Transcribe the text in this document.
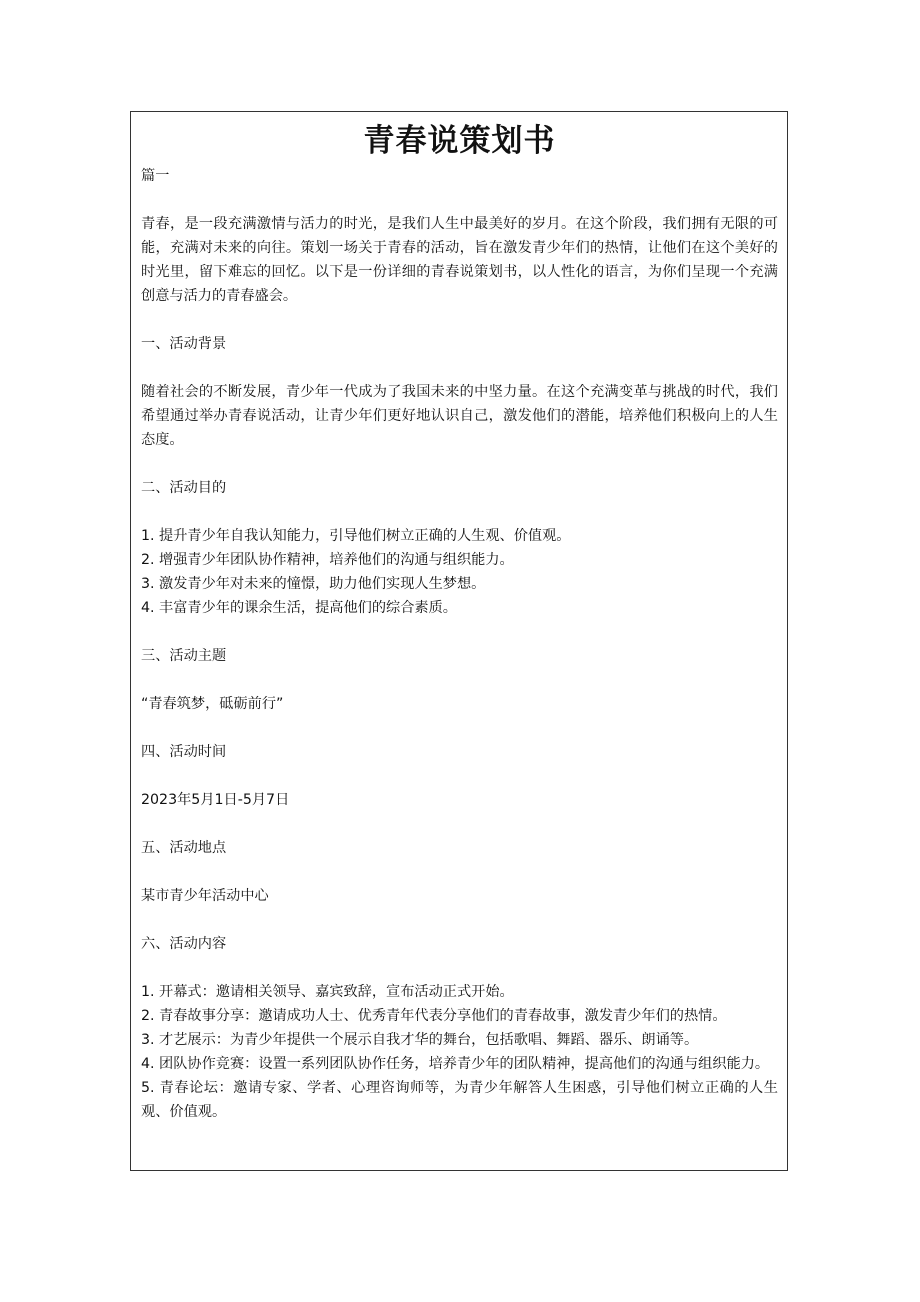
青春说策划书

篇一

青春，是一段充满激情与活力的时光，是我们人生中最美好的岁月。在这个阶段，我们拥有无限的可能，充满对未来的向往。策划一场关于青春的活动，旨在激发青少年们的热情，让他们在这个美好的时光里，留下难忘的回忆。以下是一份详细的青春说策划书，以人性化的语言，为你们呈现一个充满创意与活力的青春盛会。

一、活动背景

随着社会的不断发展，青少年一代成为了我国未来的中坚力量。在这个充满变革与挑战的时代，我们希望通过举办青春说活动，让青少年们更好地认识自己，激发他们的潜能，培养他们积极向上的人生态度。

二、活动目的

1. 提升青少年自我认知能力，引导他们树立正确的人生观、价值观。
2. 增强青少年团队协作精神，培养他们的沟通与组织能力。
3. 激发青少年对未来的憧憬，助力他们实现人生梦想。
4. 丰富青少年的课余生活，提高他们的综合素质。

三、活动主题

“青春筑梦，砥砺前行”

四、活动时间

2023年5月1日-5月7日

五、活动地点

某市青少年活动中心

六、活动内容

1. 开幕式：邀请相关领导、嘉宾致辞，宣布活动正式开始。
2. 青春故事分享：邀请成功人士、优秀青年代表分享他们的青春故事，激发青少年们的热情。
3. 才艺展示：为青少年提供一个展示自我才华的舞台，包括歌唱、舞蹈、器乐、朗诵等。
4. 团队协作竞赛：设置一系列团队协作任务，培养青少年的团队精神，提高他们的沟通与组织能力。
5. 青春论坛：邀请专家、学者、心理咨询师等，为青少年解答人生困惑，引导他们树立正确的人生观、价值观。
